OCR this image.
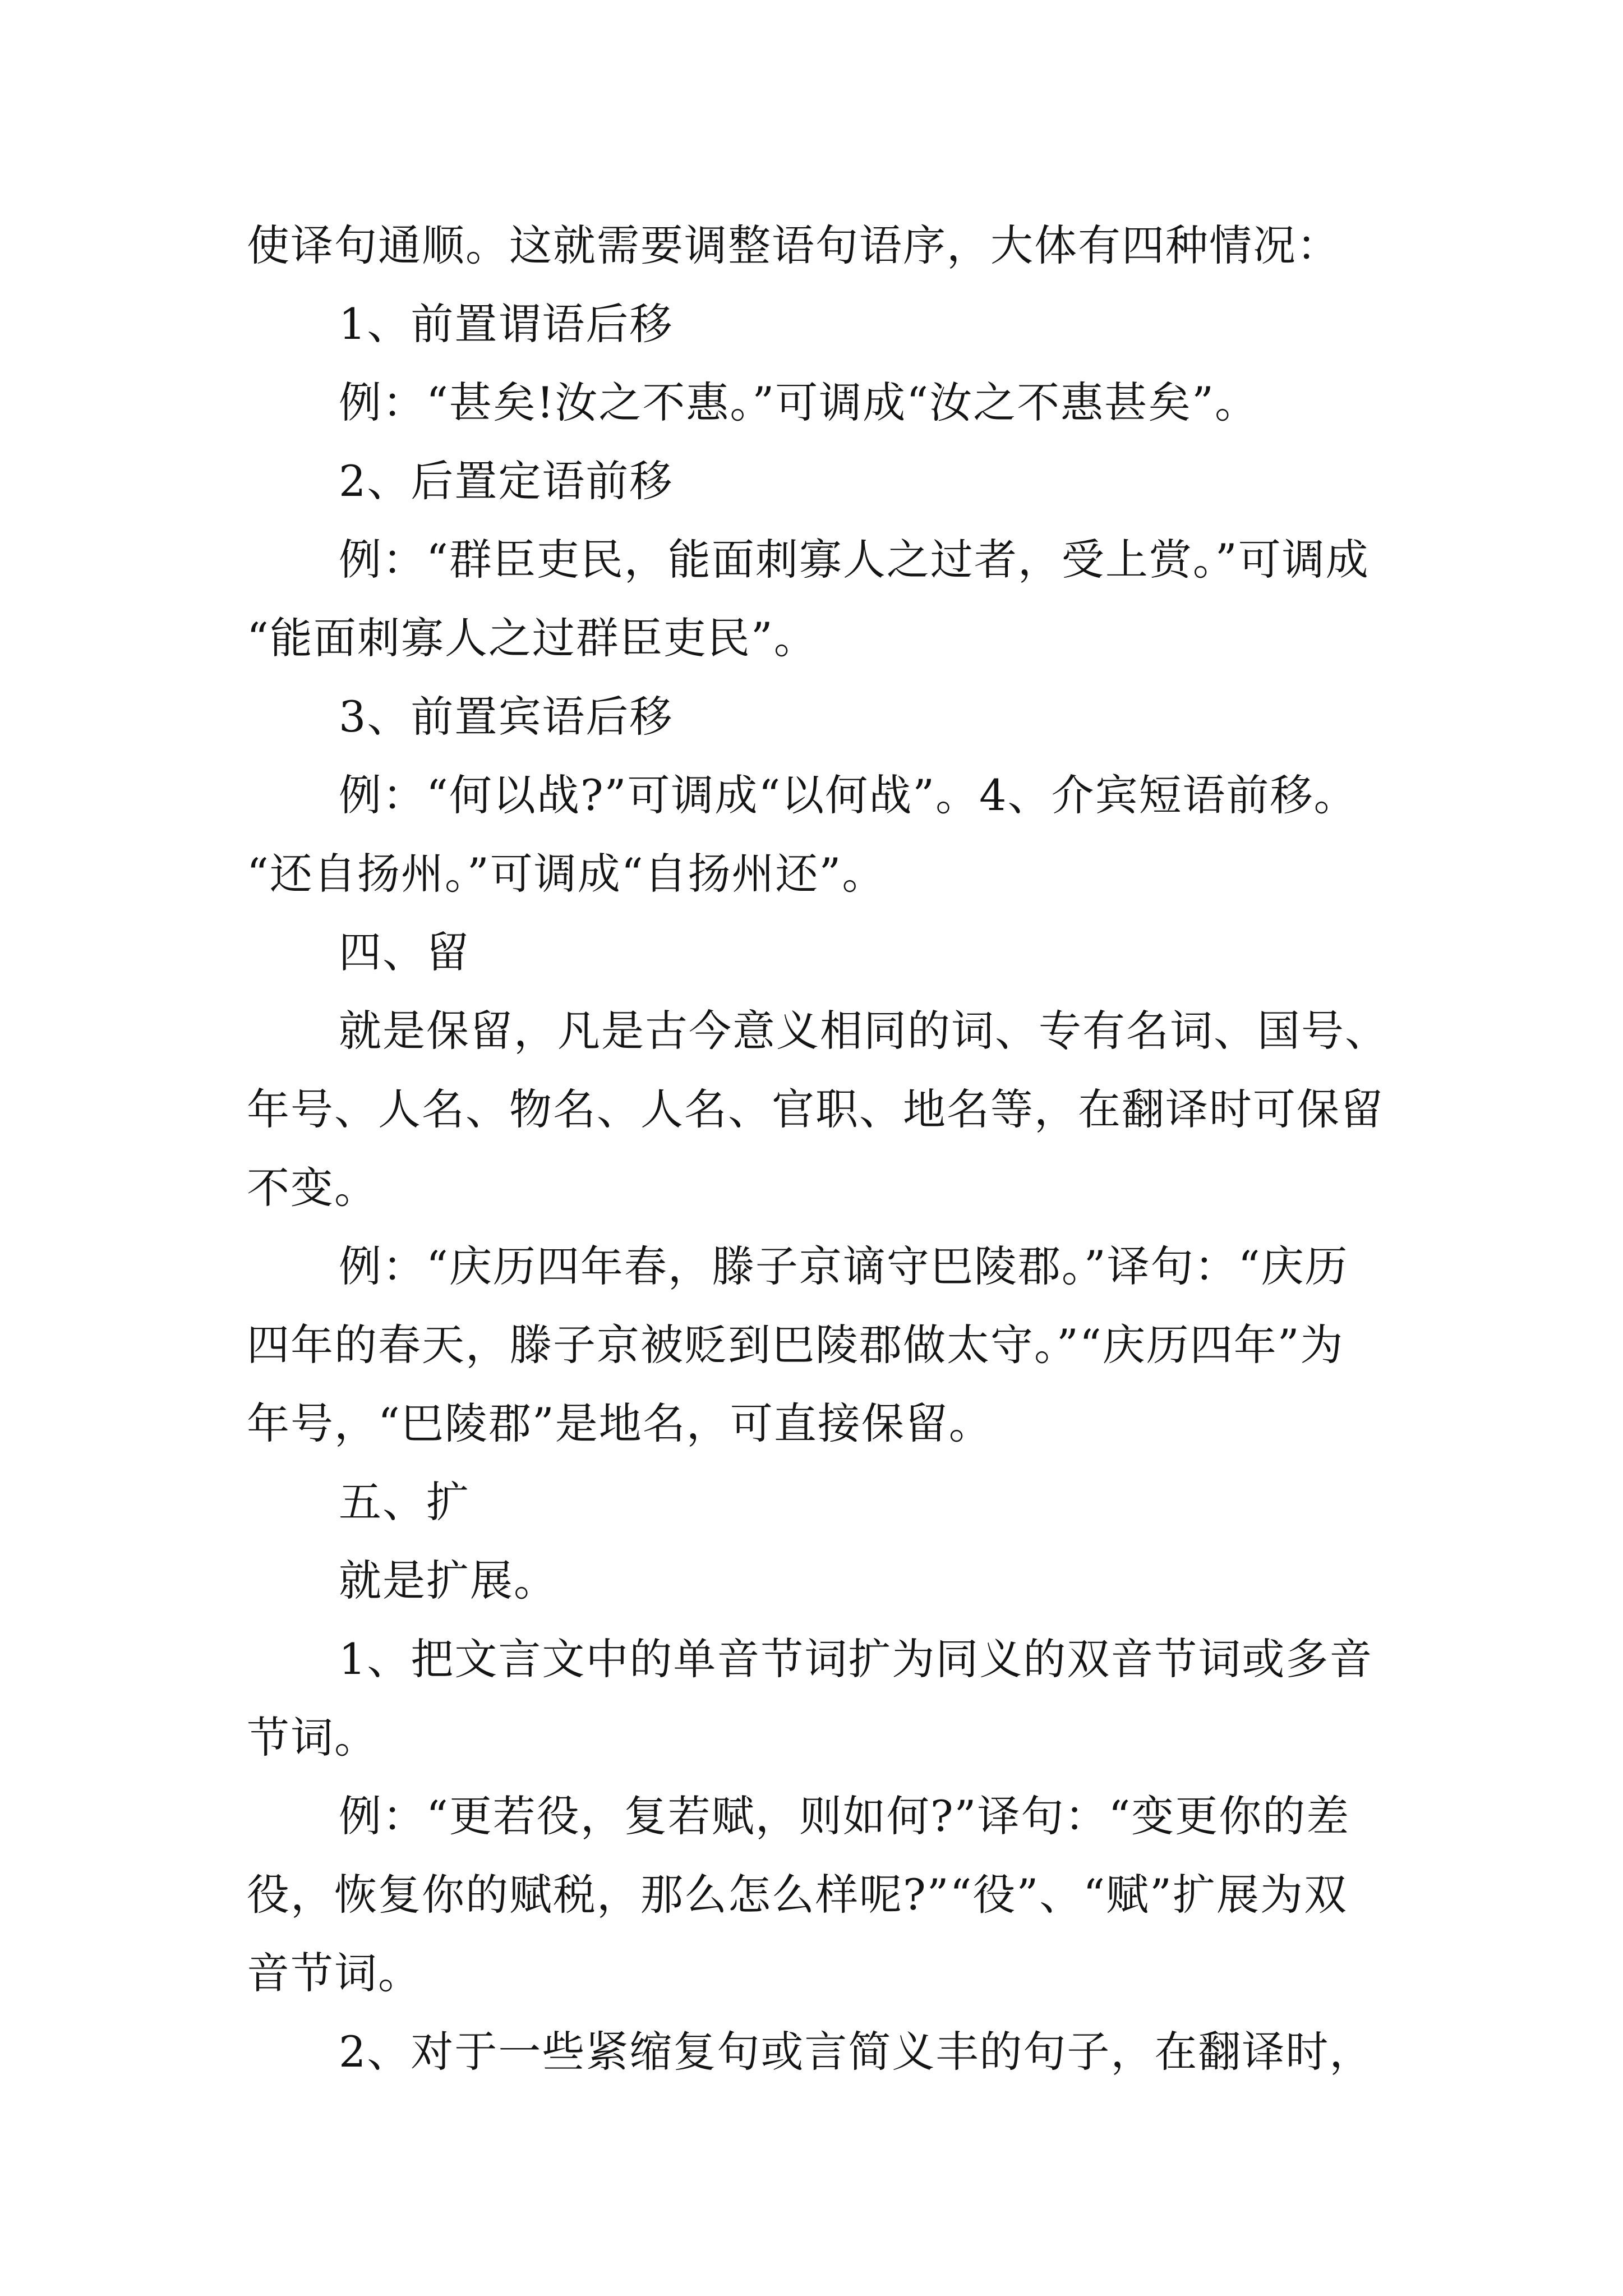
使译句通顺。这就需要调整语句语序，大体有四种情况：
1、前置谓语后移
例：“甚矣!汝之不惠。”可调成“汝之不惠甚矣”。
2、后置定语前移
例：“群臣吏民，能面刺寡人之过者，受上赏。”可调成
“能面刺寡人之过群臣吏民”。
3、前置宾语后移
例：“何以战?”可调成“以何战”。4、介宾短语前移。
“还自扬州。”可调成“自扬州还”。
四、留
就是保留，凡是古今意义相同的词、专有名词、国号、
年号、人名、物名、人名、官职、地名等，在翻译时可保留
不变。
例：“庆历四年春，滕子京谪守巴陵郡。”译句：“庆历
四年的春天，滕子京被贬到巴陵郡做太守。”“庆历四年”为
年号，“巴陵郡”是地名，可直接保留。
五、扩
就是扩展。
1、把文言文中的单音节词扩为同义的双音节词或多音
节词。
例：“更若役，复若赋，则如何?”译句：“变更你的差
役，恢复你的赋税，那么怎么样呢?”“役”、“赋”扩展为双
音节词。
2、对于一些紧缩复句或言简义丰的句子，在翻译时，
